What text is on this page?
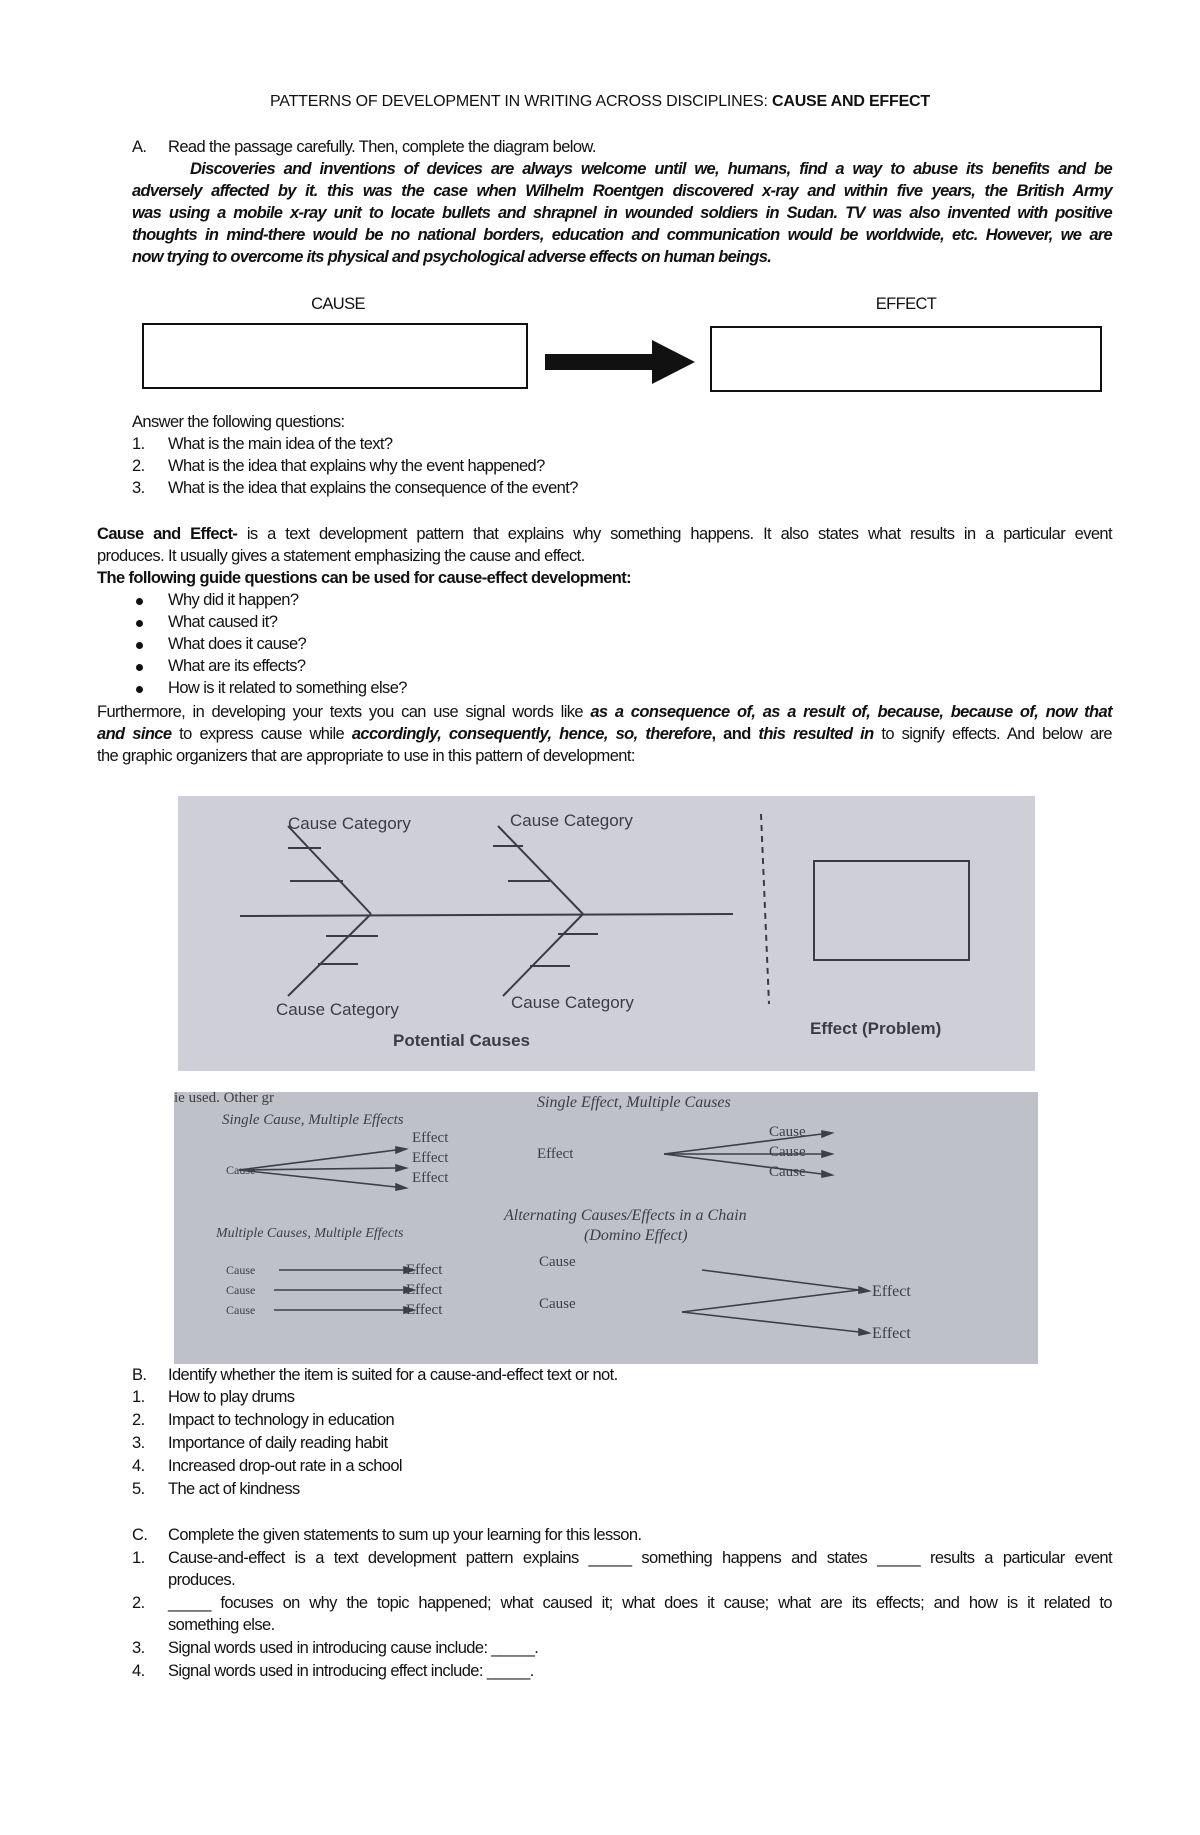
PATTERNS OF DEVELOPMENT IN WRITING ACROSS DISCIPLINES: CAUSE AND EFFECT
A. Read the passage carefully. Then, complete the diagram below.
Discoveries and inventions of devices are always welcome until we, humans, find a way to abuse its benefits and be
adversely affected by it. this was the case when Wilhelm Roentgen discovered x-ray and within five years, the British Army
was using a mobile x-ray unit to locate bullets and shrapnel in wounded soldiers in Sudan. TV was also invented with positive
thoughts in mind-there would be no national borders, education and communication would be worldwide, etc. However, we are
now trying to overcome its physical and psychological adverse effects on human beings.
CAUSE	EFFECT
Answer the following questions:
1. What is the main idea of the text?
2. What is the idea that explains why the event happened?
3. What is the idea that explains the consequence of the event?
Cause and Effect- is a text development pattern that explains why something happens. It also states what results in a particular event
produces. It usually gives a statement emphasizing the cause and effect.
The following guide questions can be used for cause-effect development:
Why did it happen?
What caused it?
What does it cause?
What are its effects?
How is it related to something else?
Furthermore, in developing your texts you can use signal words like as a consequence of, as a result of, because, because of, now that
and since to express cause while accordingly, consequently, hence, so, therefore, and this resulted in to signify effects. And below are
the graphic organizers that are appropriate to use in this pattern of development:
Cause Category	Cause Category
Cause Category	Cause Category
Potential Causes
Effect (Problem)
ie used. Other gr
Single Cause, Multiple Effects
Cause
Effect
Effect
Effect
Single Effect, Multiple Causes
Effect
Cause
Cause
Cause
Multiple Causes, Multiple Effects
Cause
Cause
Cause
Effect
Effect
Effect
Alternating Causes/Effects in a Chain
(Domino Effect)
Cause
Cause
Effect
Effect
B. Identify whether the item is suited for a cause-and-effect text or not.
1. How to play drums
2. Impact to technology in education
3. Importance of daily reading habit
4. Increased drop-out rate in a school
5. The act of kindness
C. Complete the given statements to sum up your learning for this lesson.
1. Cause-and-effect is a text development pattern explains _____ something happens and states _____ results a particular event
produces.
2. _____ focuses on why the topic happened; what caused it; what does it cause; what are its effects; and how is it related to
something else.
3. Signal words used in introducing cause include: _____.
4. Signal words used in introducing effect include: _____.
